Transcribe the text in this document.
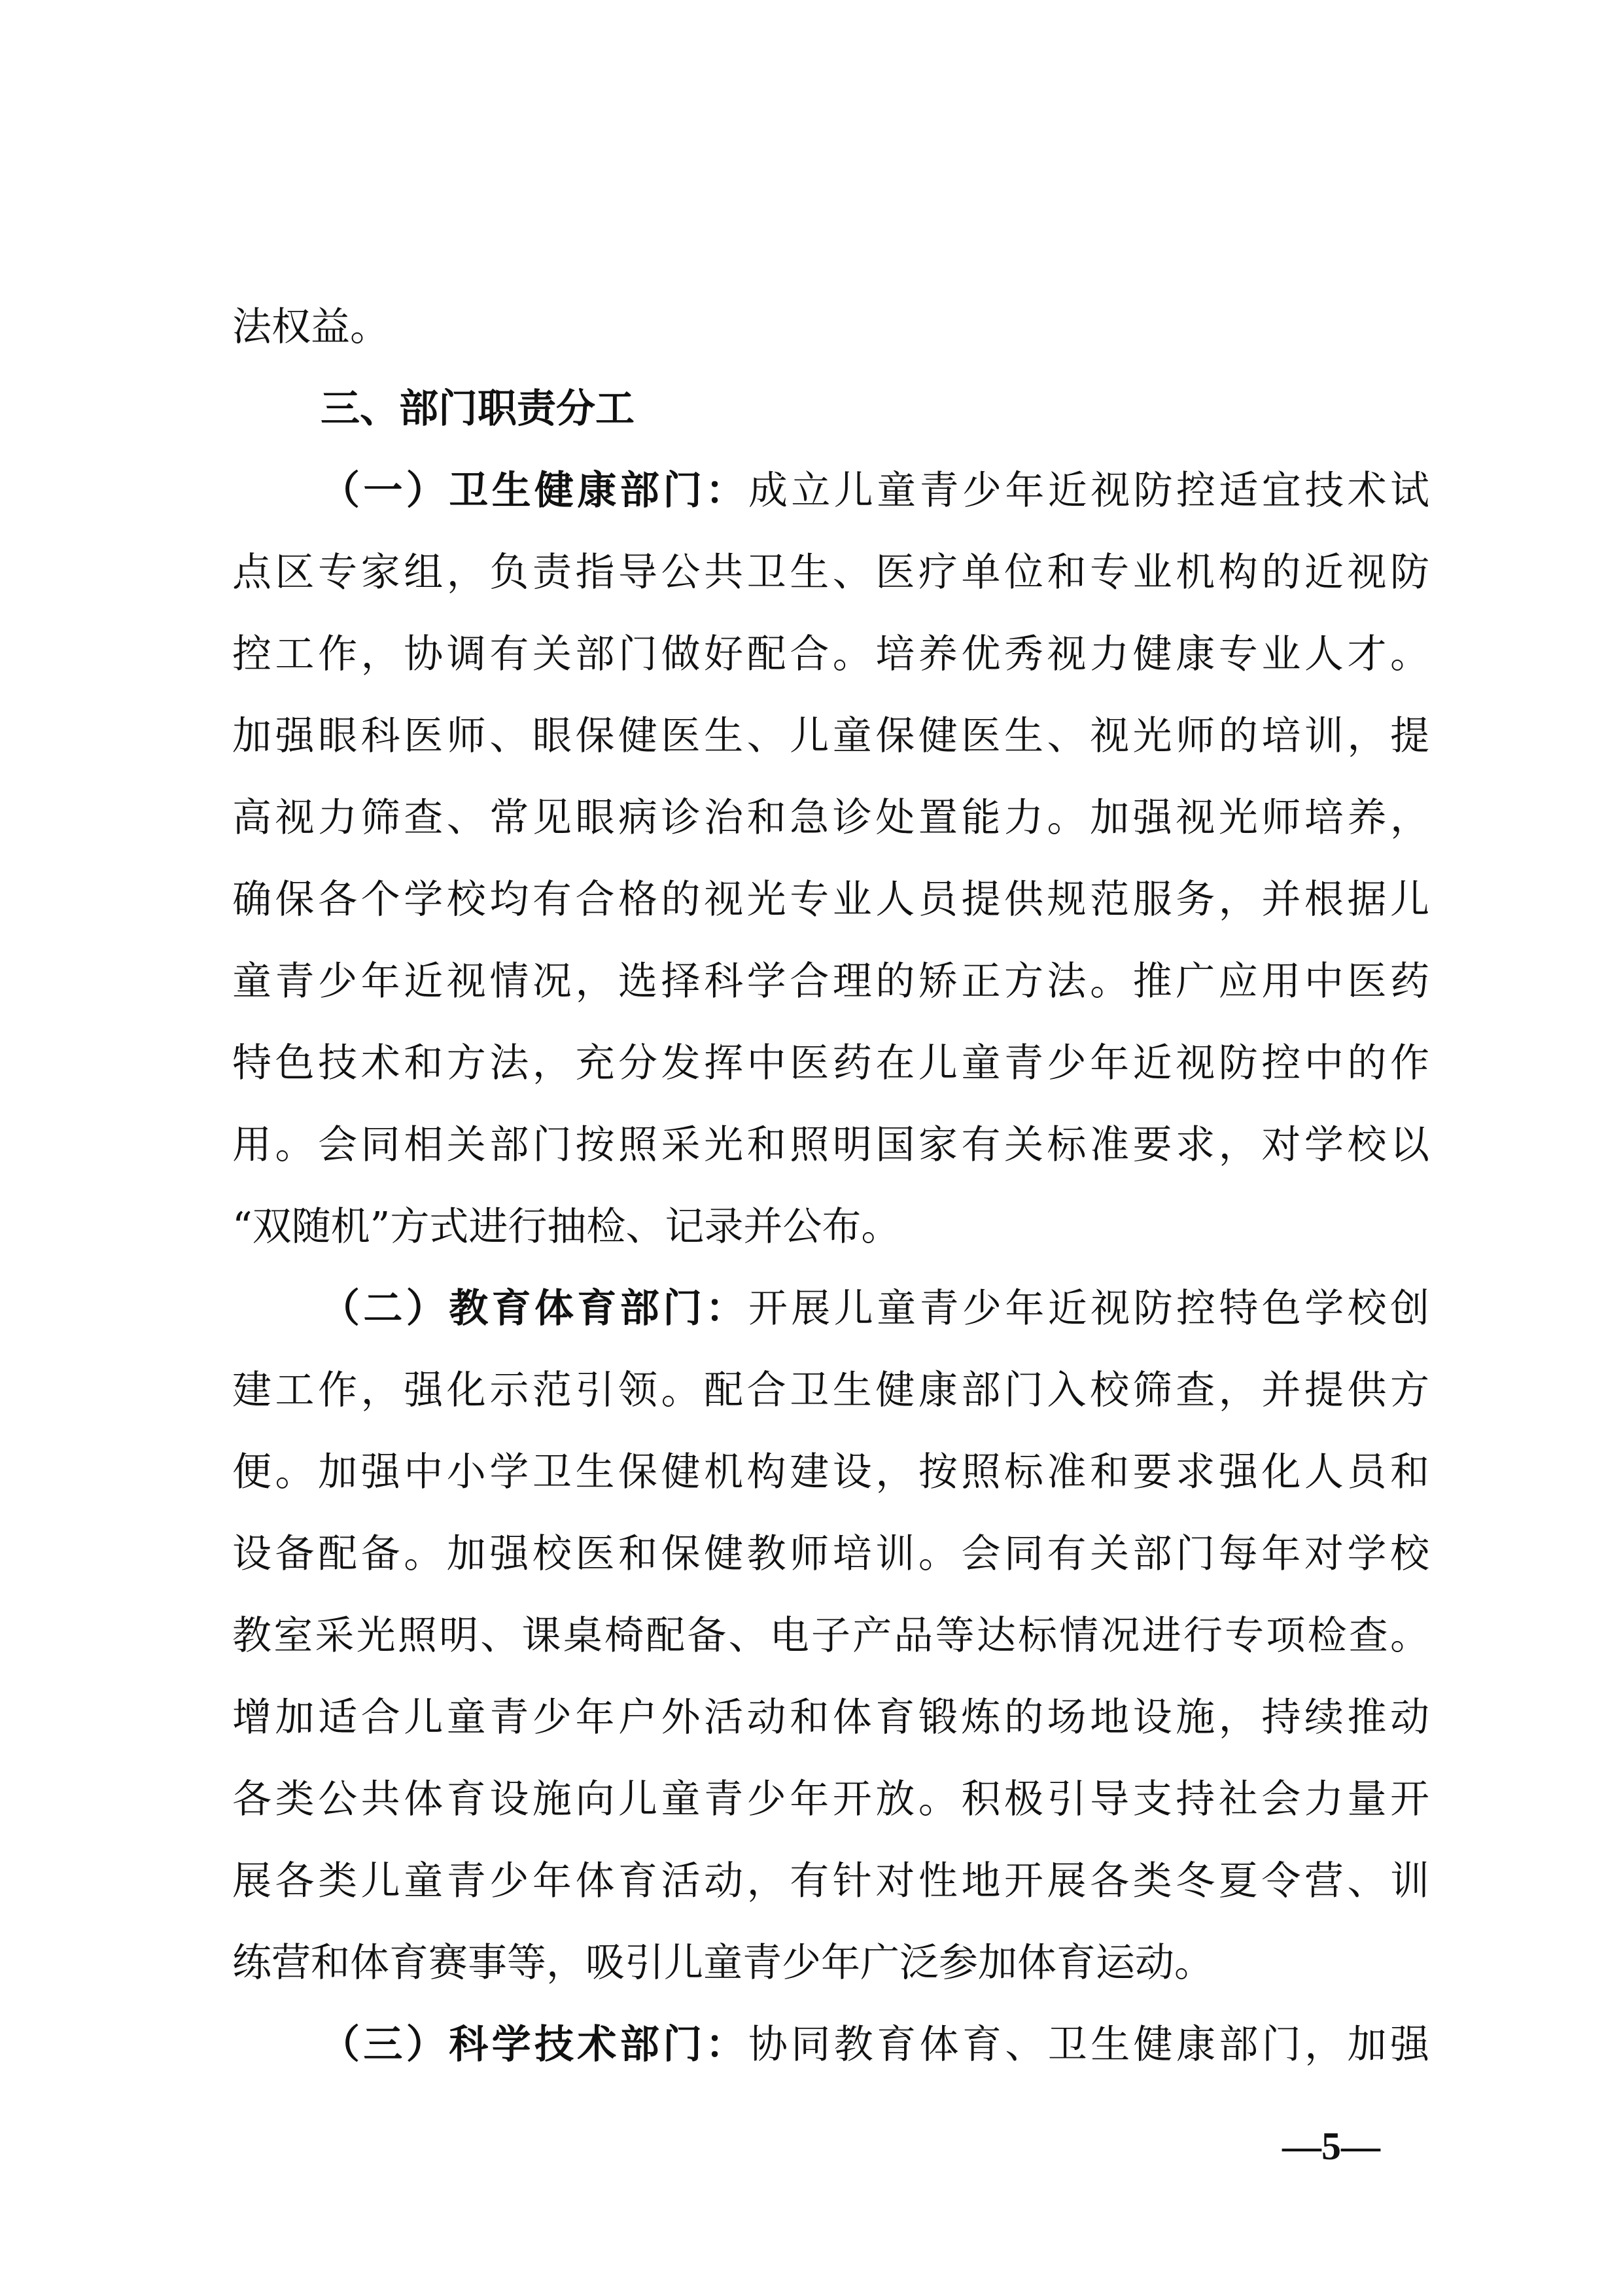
法权益。
三、部门职责分工
（一）卫生健康部门：成立儿童青少年近视防控适宜技术试
点区专家组，负责指导公共卫生、医疗单位和专业机构的近视防
控工作，协调有关部门做好配合。培养优秀视力健康专业人才。
加强眼科医师、眼保健医生、儿童保健医生、视光师的培训，提
高视力筛查、常见眼病诊治和急诊处置能力。加强视光师培养，
确保各个学校均有合格的视光专业人员提供规范服务，并根据儿
童青少年近视情况，选择科学合理的矫正方法。推广应用中医药
特色技术和方法，充分发挥中医药在儿童青少年近视防控中的作
用。会同相关部门按照采光和照明国家有关标准要求，对学校以
“双随机”方式进行抽检、记录并公布。
（二）教育体育部门：开展儿童青少年近视防控特色学校创
建工作，强化示范引领。配合卫生健康部门入校筛查，并提供方
便。加强中小学卫生保健机构建设，按照标准和要求强化人员和
设备配备。加强校医和保健教师培训。会同有关部门每年对学校
教室采光照明、课桌椅配备、电子产品等达标情况进行专项检查。
增加适合儿童青少年户外活动和体育锻炼的场地设施，持续推动
各类公共体育设施向儿童青少年开放。积极引导支持社会力量开
展各类儿童青少年体育活动，有针对性地开展各类冬夏令营、训
练营和体育赛事等，吸引儿童青少年广泛参加体育运动。
（三）科学技术部门：协同教育体育、卫生健康部门，加强
—5—
